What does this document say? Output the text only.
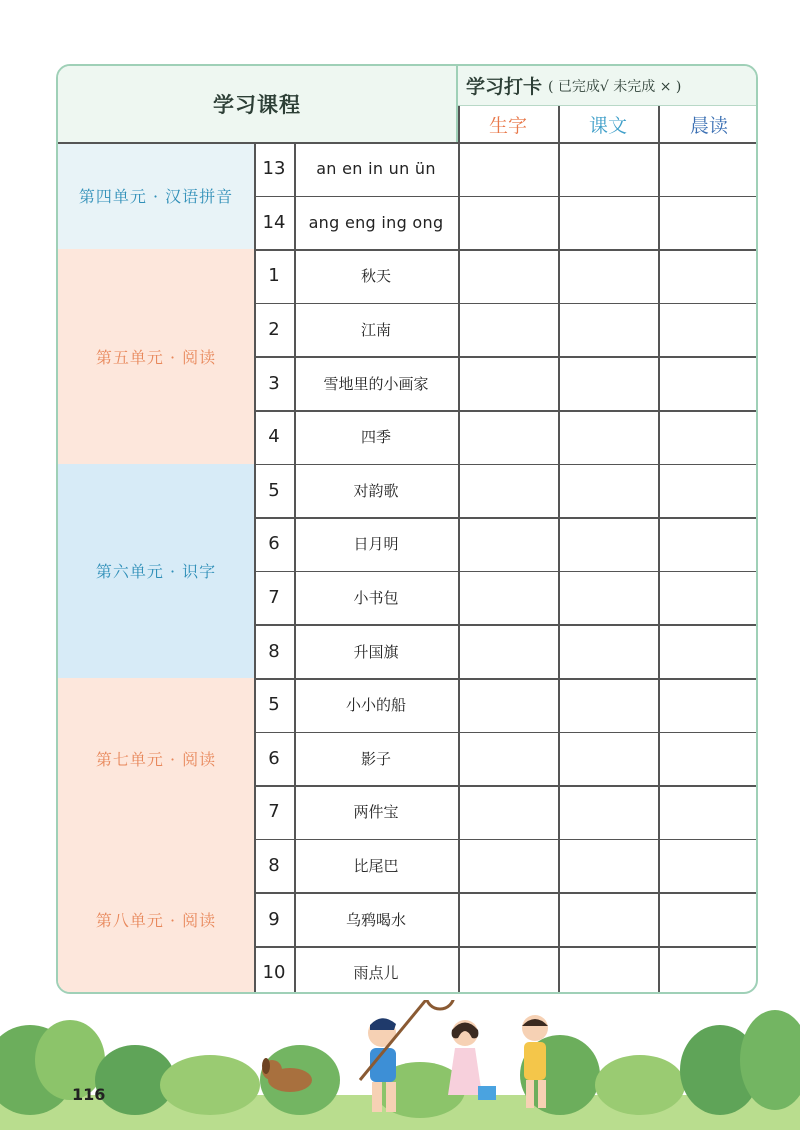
学习课程
学习打卡 ( 已完成√ 未完成 × )
生字	课文	晨读
第四单元 · 汉语拼音
13	an en in un ün
14	ang eng ing ong
第五单元 · 阅读
1	秋天
2	江南
3	雪地里的小画家
4	四季
第六单元 · 识字
5	对韵歌
6	日月明
7	小书包
8	升国旗
第七单元 · 阅读
5	小小的船
6	影子
7	两件宝
第八单元 · 阅读
8	比尾巴
9	乌鸦喝水
10	雨点儿
116
